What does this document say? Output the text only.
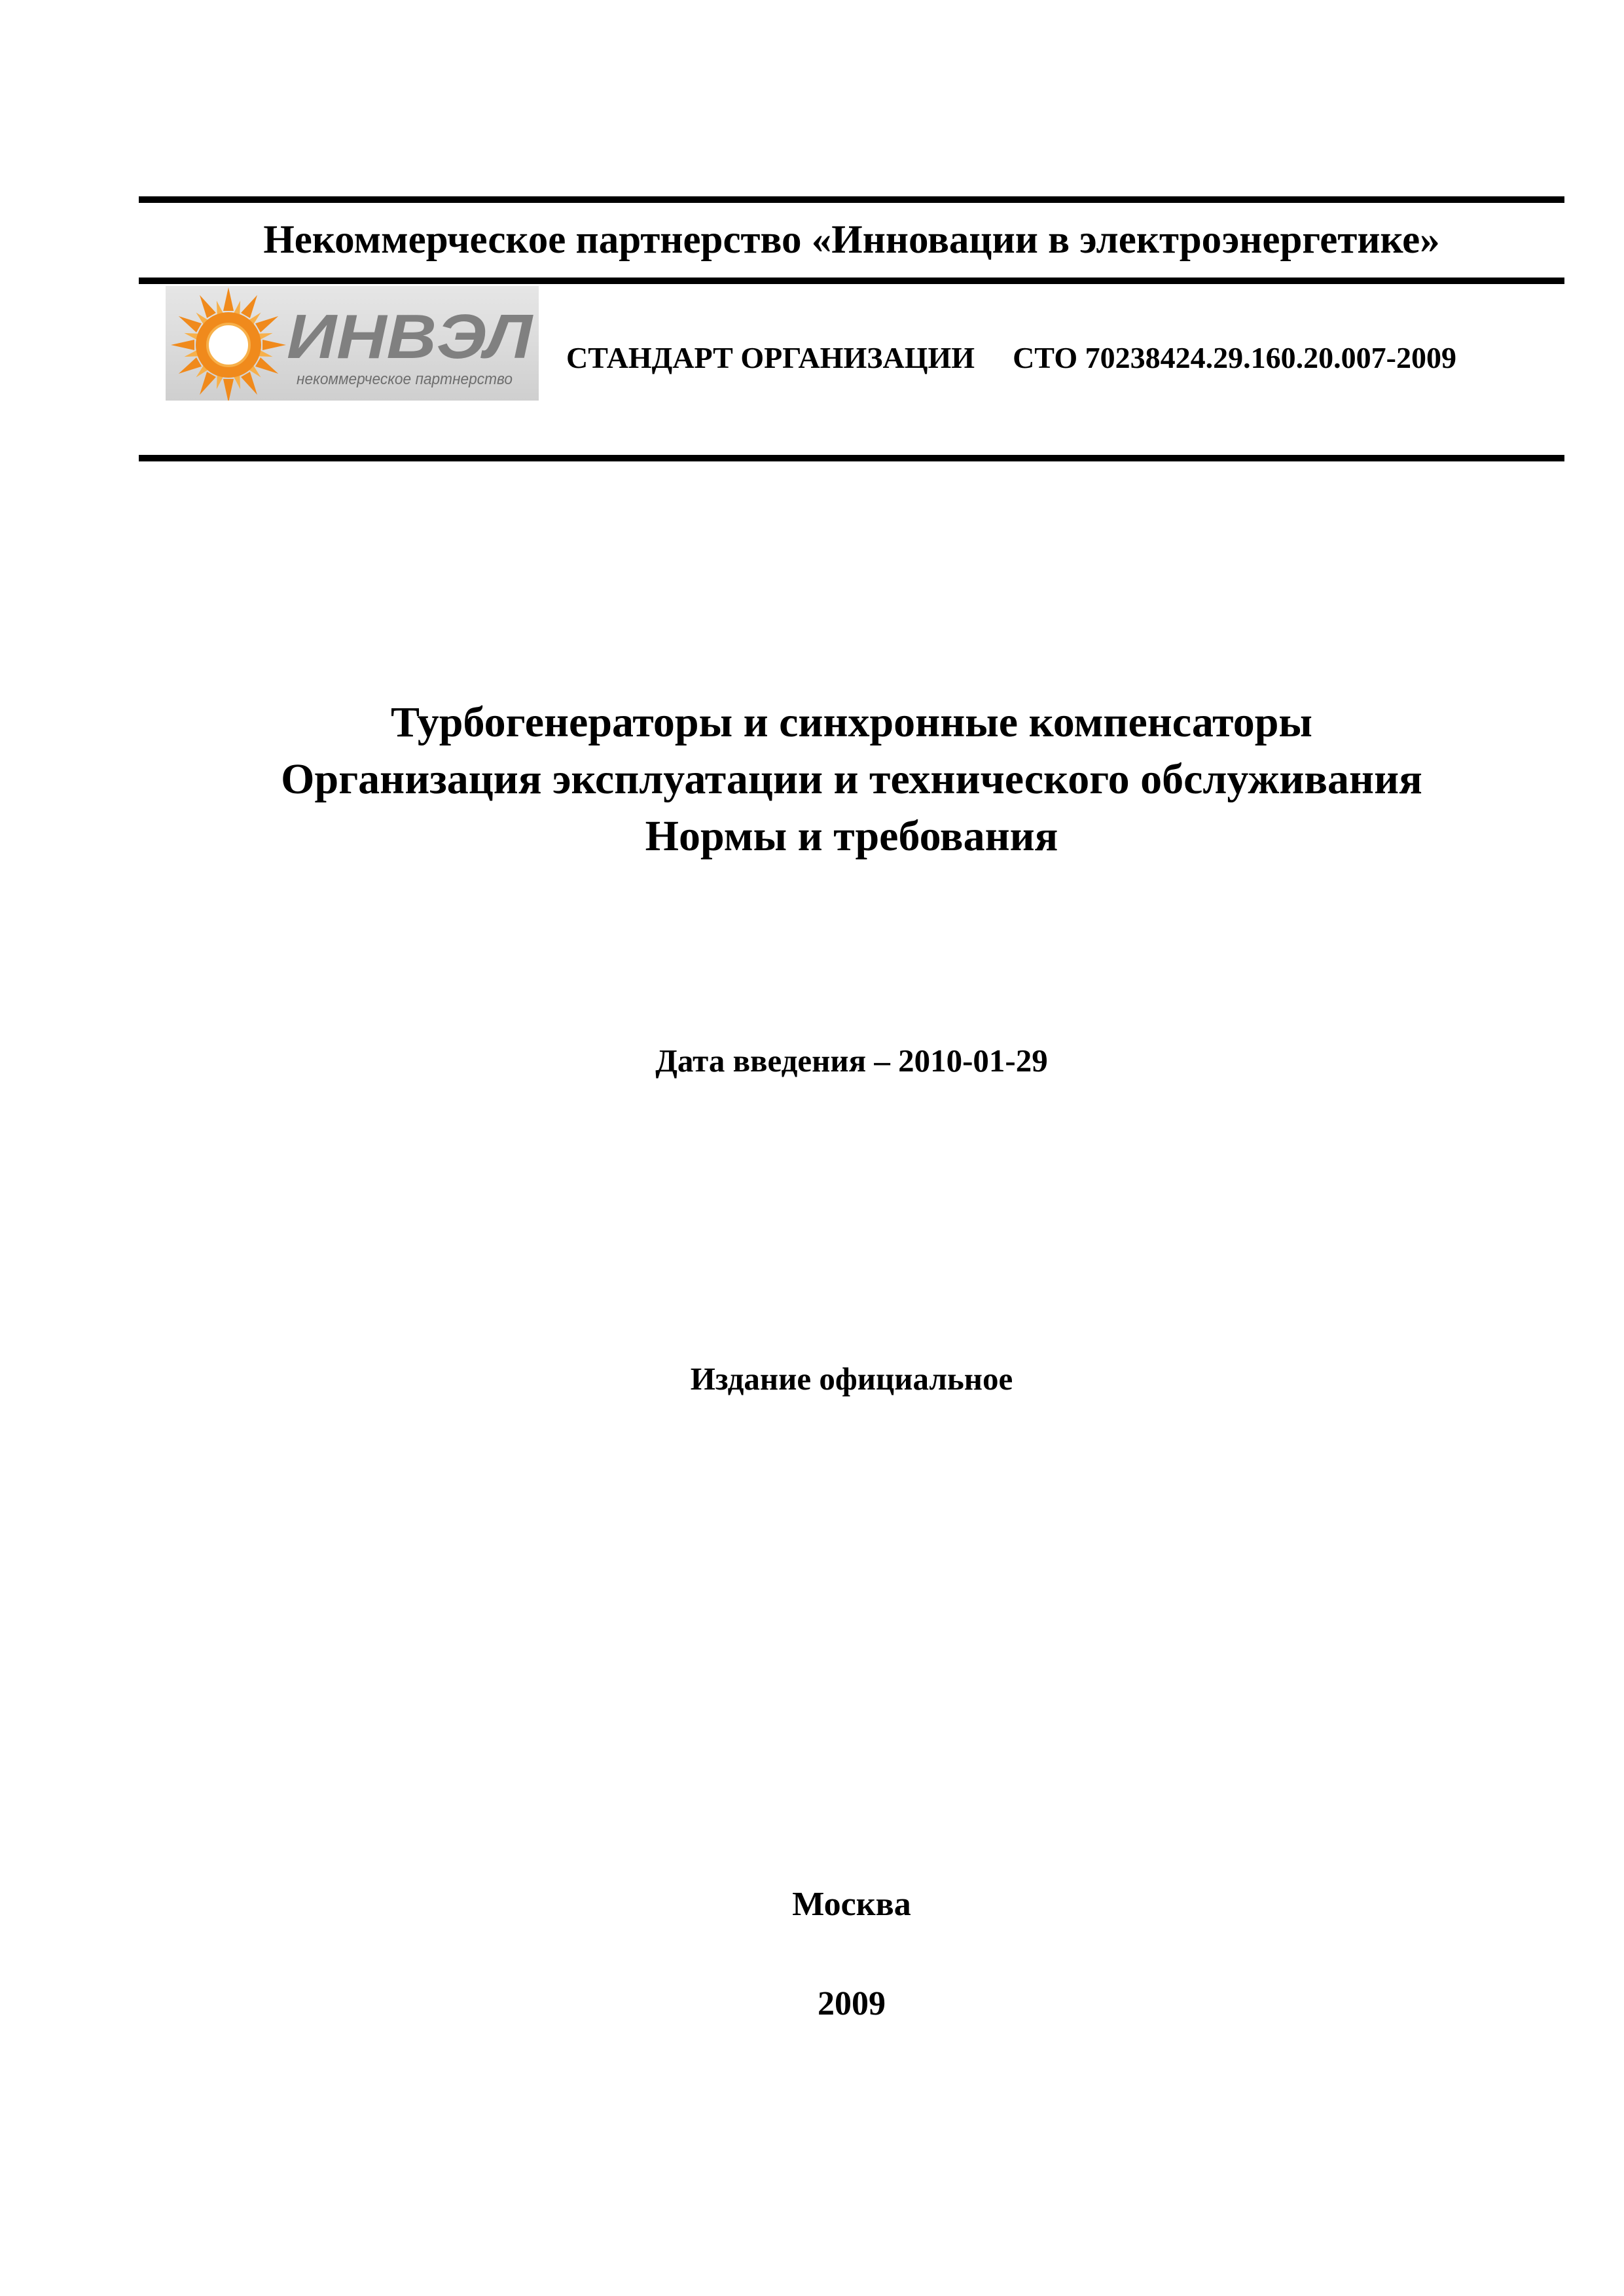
Некоммерческое партнерство «Инновации в электроэнергетике»
ИНВЭЛ
некоммерческое партнерство
СТАНДАРТ ОРГАНИЗАЦИИ СТО 70238424.29.160.20.007-2009
Турбогенераторы и синхронные компенсаторы
Организация эксплуатации и технического обслуживания
Нормы и требования
Дата введения – 2010-01-29
Издание официальное
Москва
2009
